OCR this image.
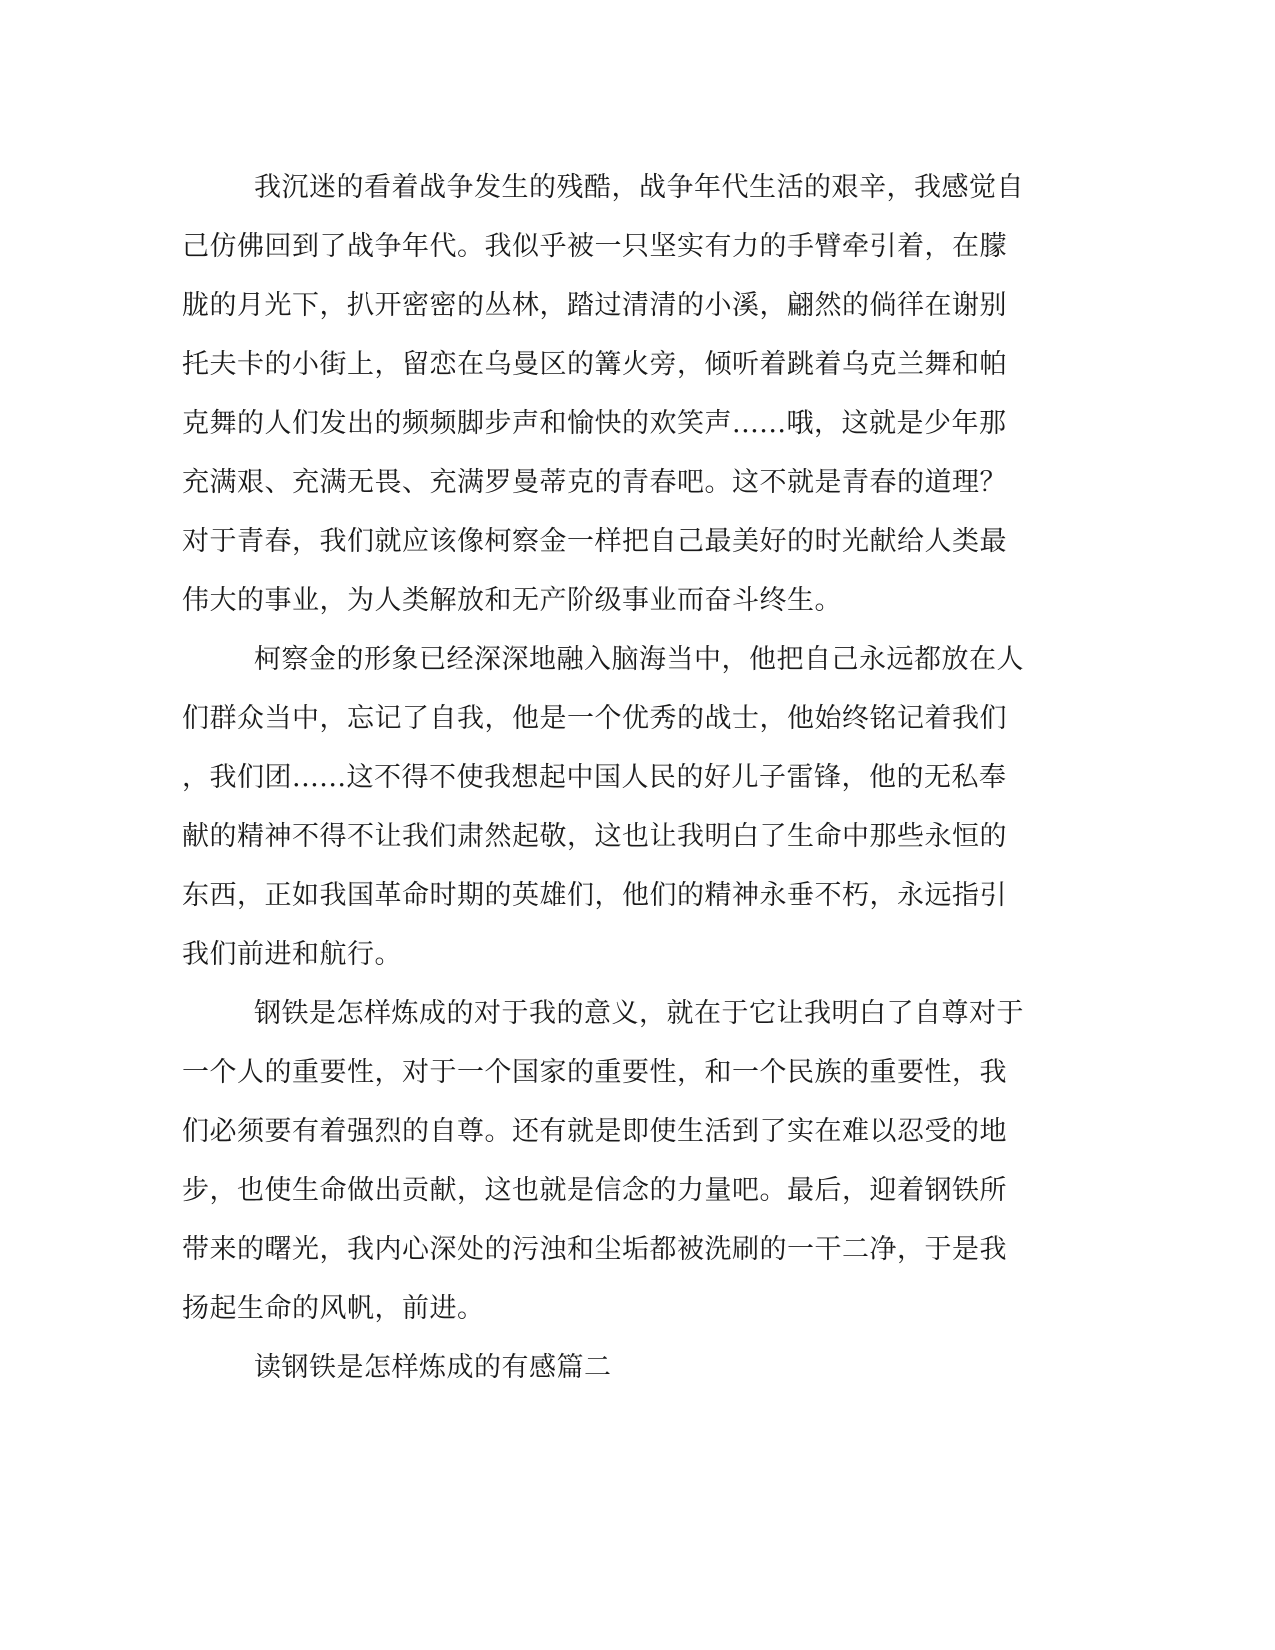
我沉迷的看着战争发生的残酷，战争年代生活的艰辛，我感觉自
己仿佛回到了战争年代。我似乎被一只坚实有力的手臂牵引着，在朦
胧的月光下，扒开密密的丛林，踏过清清的小溪，翩然的倘徉在谢别
托夫卡的小街上，留恋在乌曼区的篝火旁，倾听着跳着乌克兰舞和帕
克舞的人们发出的频频脚步声和愉快的欢笑声......哦，这就是少年那
充满艰、充满无畏、充满罗曼蒂克的青春吧。这不就是青春的道理？
对于青春，我们就应该像柯察金一样把自己最美好的时光献给人类最
伟大的事业，为人类解放和无产阶级事业而奋斗终生。
柯察金的形象已经深深地融入脑海当中，他把自己永远都放在人
们群众当中，忘记了自我，他是一个优秀的战士，他始终铭记着我们
，我们团......这不得不使我想起中国人民的好儿子雷锋，他的无私奉
献的精神不得不让我们肃然起敬，这也让我明白了生命中那些永恒的
东西，正如我国革命时期的英雄们，他们的精神永垂不朽，永远指引
我们前进和航行。
钢铁是怎样炼成的对于我的意义，就在于它让我明白了自尊对于
一个人的重要性，对于一个国家的重要性，和一个民族的重要性，我
们必须要有着强烈的自尊。还有就是即使生活到了实在难以忍受的地
步，也使生命做出贡献，这也就是信念的力量吧。最后，迎着钢铁所
带来的曙光，我内心深处的污浊和尘垢都被洗刷的一干二净，于是我
扬起生命的风帆，前进。
读钢铁是怎样炼成的有感篇二
